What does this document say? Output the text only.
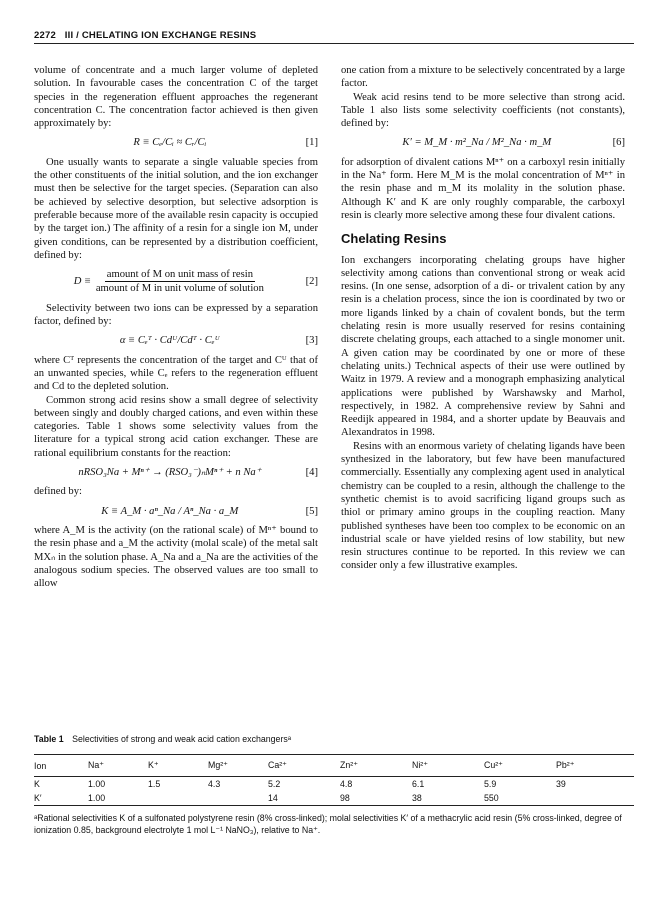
2272 III / CHELATING ION EXCHANGE RESINS

volume of concentrate and a much larger volume of depleted solution. In favourable cases the concentration C of the target species in the regeneration effluent approaches the regenerant concentration C. The concentration factor achieved is then given approximately by:

R ≡ Cₑ/Cᵢ ≈ Cᵣ/Cᵢ	[1]

One usually wants to separate a single valuable species from the other constituents of the initial solution, and the ion exchanger must then be selective for the target species. (Separation can also be achieved by selective desorption, but selective adsorption is preferable because more of the available resin capacity is occupied by the target ion.) The affinity of a resin for a single ion M, under given conditions, can be represented by a distribution coefficient, defined by:

$D \equiv \frac{\text{amount of M on unit mass of resin}}{\text{amount of M in unit volume of solution}}$	[2]

Selectivity between two ions can be expressed by a separation factor, defined by:

α ≡ Cₑᵀ · Cdᵁ/Cdᵀ · Cₑᵁ	[3]

where Cᵀ represents the concentration of the target and Cᵁ that of an unwanted species, while Cₑ refers to the regeneration effluent and Cd to the depleted solution.

Common strong acid resins show a small degree of selectivity between singly and doubly charged cations, and even within these categories. Table 1 shows some selectivity values from the literature for a typical strong acid cation exchanger. These are rational equilibrium constants for the reaction:

nRSO₃Na + Mⁿ⁺ → (RSO₃⁻)ₙMⁿ⁺ + n Na⁺	[4]

defined by:

K ≡ A_M · aⁿ_Na / Aⁿ_Na · a_M	[5]

where A_M is the activity (on the rational scale) of Mⁿ⁺ bound to the resin phase and a_M the activity (molal scale) of the metal salt MXₙ in the solution phase. A_Na and a_Na are the activities of the analogous sodium species. The observed values are too small to allow

one cation from a mixture to be selectively concentrated by a large factor.

Weak acid resins tend to be more selective than strong acid. Table 1 also lists some selectivity coefficients (not constants), defined by:

K′ = M_M · m²_Na / M²_Na · m_M	[6]

for adsorption of divalent cations Mⁿ⁺ on a carboxyl resin initially in the Na⁺ form. Here M_M is the molal concentration of Mⁿ⁺ in the resin phase and m_M its molality in the solution phase. Although K′ and K are only roughly comparable, the carboxyl resin is clearly more selective among these four divalent cations.

Chelating Resins

Ion exchangers incorporating chelating groups have higher selectivity among cations than conventional strong or weak acid resins. (In one sense, adsorption of a di- or trivalent cation by any resin is a chelation process, since the ion is coordinated by two or more ligands linked by a chain of covalent bonds, but the term chelating resin is more usually reserved for resins containing discrete chelating groups, each attached to a single monomer unit. A given cation may be coordinated by one or more of these chelating units.) Technical aspects of their use were outlined by Waitz in 1979. A review and a monograph emphasizing analytical applications were published by Warshawsky and Marhol, respectively, in 1982. A comprehensive review by Sahni and Reedijk appeared in 1984, and a shorter update by Beauvais and Alexandratos in 1998.

Resins with an enormous variety of chelating ligands have been synthesized in the laboratory, but few have been manufactured commercially. Essentially any complexing agent used in analytical chemistry can be coupled to a resin, although the challenge to the synthetic chemist is to avoid sacrificing ligand groups such as thiol or primary amino groups in the coupling reaction. Many published syntheses have been too complex to be economic on an industrial scale or have yielded resins of low stability, but new resin structures continue to be reported. In this review we can consider only a few illustrative examples.

Table 1 Selectivities of strong and weak acid cation exchangersᵃ
Ion	Na⁺	K⁺	Mg²⁺	Ca²⁺	Zn²⁺	Ni²⁺	Cu²⁺	Pb²⁺
K	1.00	1.5	4.3	5.2	4.8	6.1	5.9	39
K′	1.00			14	98	38	550	
ᵃRational selectivities K of a sulfonated polystyrene resin (8% cross-linked); molal selectivities K′ of a methacrylic acid resin (5% cross-linked, degree of ionization 0.85, background electrolyte 1 mol L⁻¹ NaNO₃), relative to Na⁺.
